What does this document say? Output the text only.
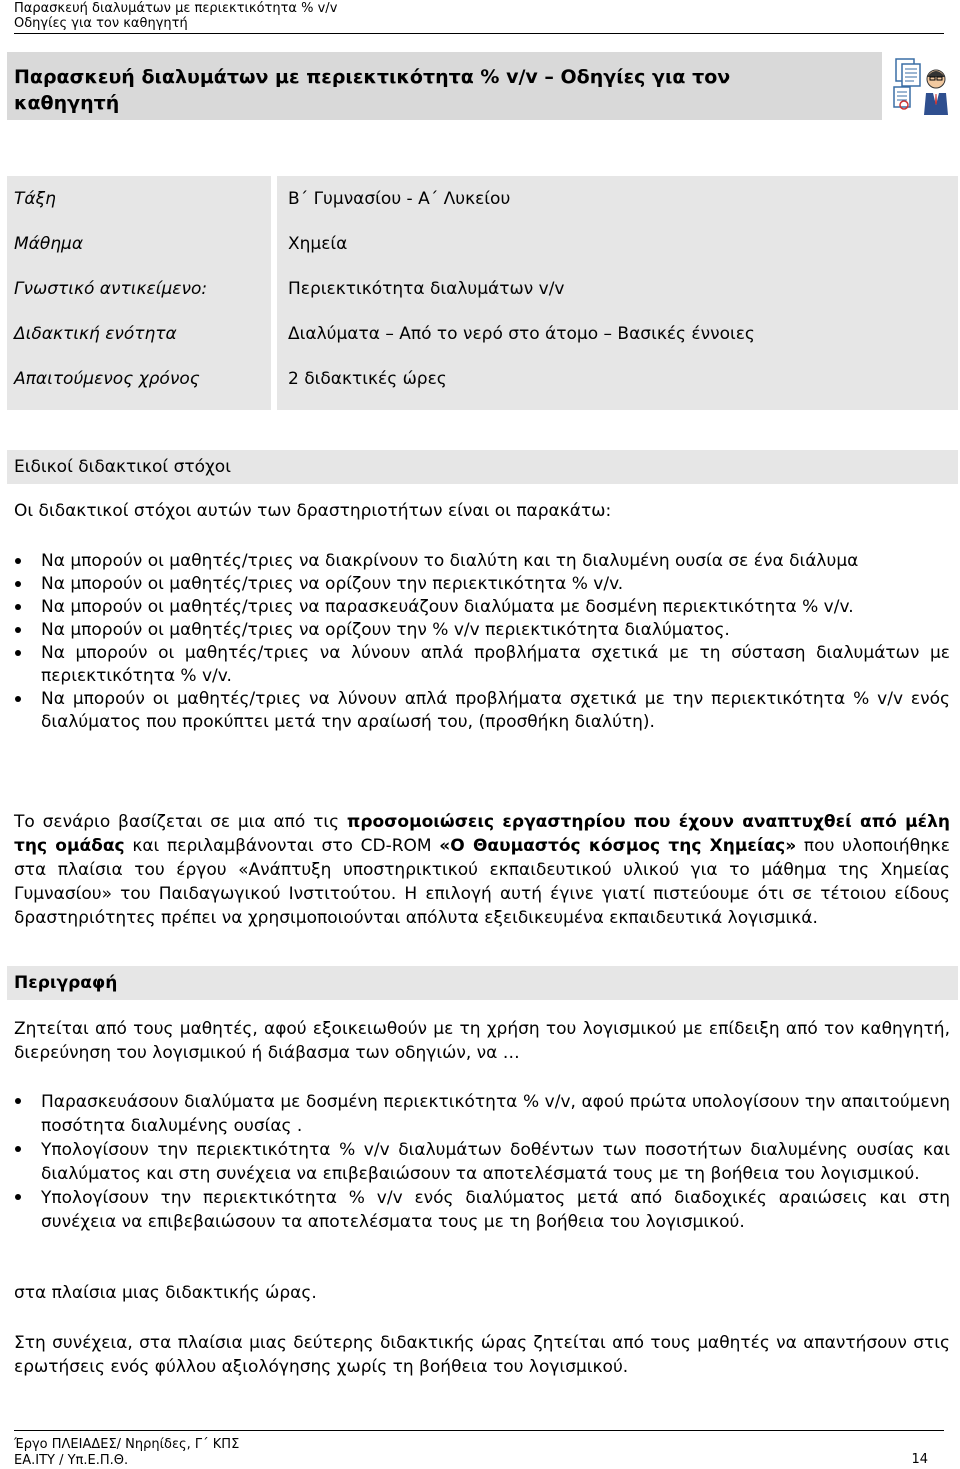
Παρασκευή διαλυμάτων με περιεκτικότητα % v/v
Οδηγίες για τον καθηγητή
Παρασκευή διαλυμάτων με περιεκτικότητα % v/v – Οδηγίες για τον καθηγητή
Τάξη
Μάθημα
Γνωστικό αντικείμενο:
Διδακτική ενότητα
Απαιτούμενος χρόνος
Β΄ Γυμνασίου - Α΄ Λυκείου
Χημεία
Περιεκτικότητα διαλυμάτων v/v
Διαλύματα – Από το νερό στο άτομο – Βασικές έννοιες
2 διδακτικές ώρες
Ειδικοί διδακτικοί στόχοι
Οι διδακτικοί στόχοι αυτών των δραστηριοτήτων είναι οι παρακάτω:
Να μπορούν οι μαθητές/τριες να διακρίνουν το διαλύτη και τη διαλυμένη ουσία σε ένα διάλυμα
Να μπορούν οι μαθητές/τριες να ορίζουν την περιεκτικότητα % v/v.
Να μπορούν οι μαθητές/τριες να παρασκευάζουν διαλύματα με δοσμένη περιεκτικότητα % v/v.
Να μπορούν οι μαθητές/τριες να ορίζουν την % v/v περιεκτικότητα διαλύματος.
Να μπορούν οι μαθητές/τριες να λύνουν απλά προβλήματα σχετικά με τη σύσταση διαλυμάτων με περιεκτικότητα % v/v.
Να μπορούν οι μαθητές/τριες να λύνουν απλά προβλήματα σχετικά με την περιεκτικότητα % v/v ενός διαλύματος που προκύπτει μετά την αραίωσή του, (προσθήκη διαλύτη).
Το σενάριο βασίζεται σε μια από τις προσομοιώσεις εργαστηρίου που έχουν αναπτυχθεί από μέλη της ομάδας και περιλαμβάνονται στο CD-ROM «Ο Θαυμαστός κόσμος της Χημείας» που υλοποιήθηκε στα πλαίσια του έργου «Ανάπτυξη υποστηρικτικού εκπαιδευτικού υλικού για το μάθημα της Χημείας Γυμνασίου» του Παιδαγωγικού Ινστιτούτου. Η επιλογή αυτή έγινε γιατί πιστεύουμε ότι σε τέτοιου είδους δραστηριότητες πρέπει να χρησιμοποιούνται απόλυτα εξειδικευμένα εκπαιδευτικά λογισμικά.
Περιγραφή
Ζητείται από τους μαθητές, αφού εξοικειωθούν με τη χρήση του λογισμικού με επίδειξη από τον καθηγητή, διερεύνηση του λογισμικού ή διάβασμα των οδηγιών, να …
Παρασκευάσουν διαλύματα με δοσμένη περιεκτικότητα % v/v, αφού πρώτα υπολογίσουν την απαιτούμενη ποσότητα διαλυμένης ουσίας .
Υπολογίσουν την περιεκτικότητα % v/v διαλυμάτων δοθέντων των ποσοτήτων διαλυμένης ουσίας και διαλύματος και στη συνέχεια να επιβεβαιώσουν τα αποτελέσματά τους με τη βοήθεια του λογισμικού.
Υπολογίσουν την περιεκτικότητα % v/v ενός διαλύματος μετά από διαδοχικές αραιώσεις και στη συνέχεια να επιβεβαιώσουν τα αποτελέσματα τους με τη βοήθεια του λογισμικού.
στα πλαίσια μιας διδακτικής ώρας.
Στη συνέχεια, στα πλαίσια μιας δεύτερης διδακτικής ώρας ζητείται από τους μαθητές να απαντήσουν στις ερωτήσεις ενός φύλλου αξιολόγησης χωρίς τη βοήθεια του λογισμικού.
Έργο ΠΛΕΙΑΔΕΣ/ Νηρηίδες, Γ΄ ΚΠΣ
ΕΑ.ΙΤΥ / Υπ.Ε.Π.Θ.	14
